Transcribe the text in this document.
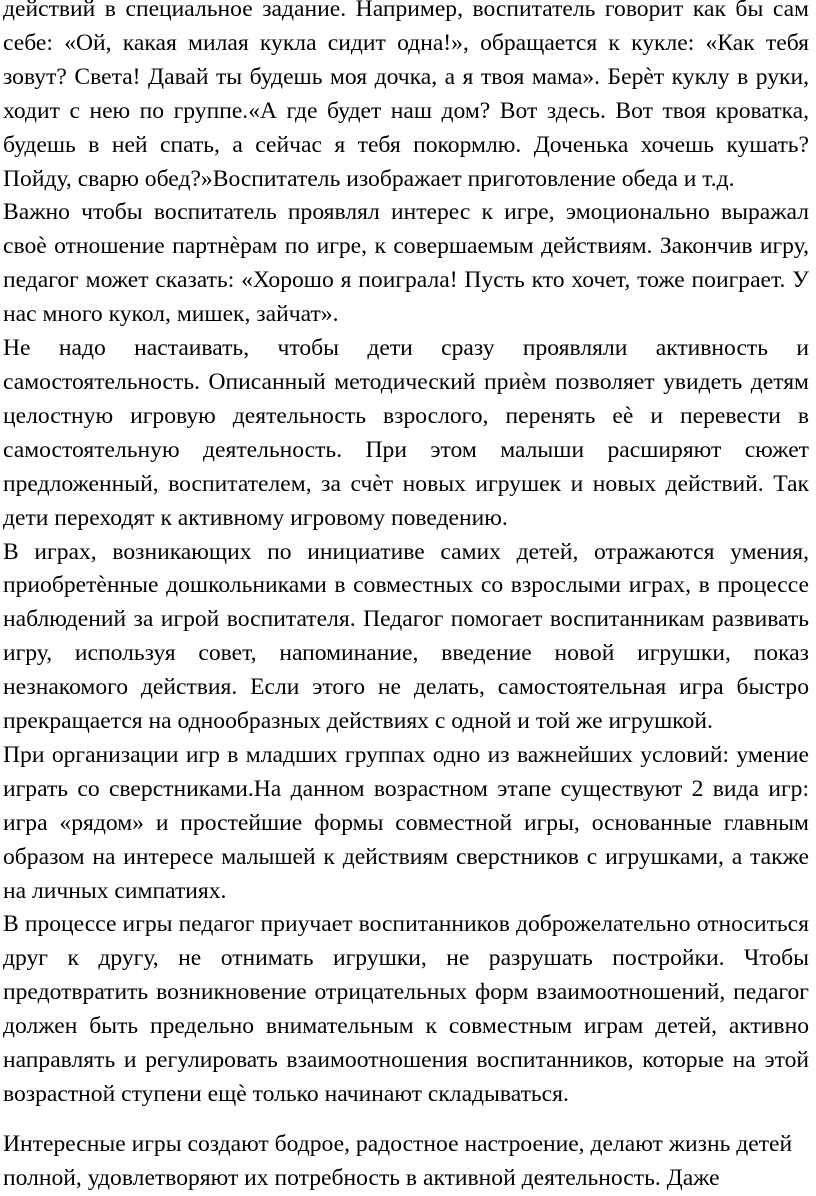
действий в специальное задание. Например, воспитатель говорит как бы сам себе: «Ой, какая милая кукла сидит одна!», обращается к кукле: «Как тебя зовут? Света! Давай ты будешь моя дочка, а я твоя мама». Берѐт куклу в руки, ходит с нею по группе.«А где будет наш дом? Вот здесь. Вот твоя кроватка, будешь в ней спать, а сейчас я тебя покормлю. Доченька хочешь кушать? Пойду, сварю обед?»Воспитатель изображает приготовление обеда и т.д.

Важно чтобы воспитатель проявлял интерес к игре, эмоционально выражал своѐ отношение партнѐрам по игре, к совершаемым действиям. Закончив игру, педагог может сказать: «Хорошо я поиграла! Пусть кто хочет, тоже поиграет. У нас много кукол, мишек, зайчат».

Не надо настаивать, чтобы дети сразу проявляли активность и самостоятельность. Описанный методический приѐм позволяет увидеть детям целостную игровую деятельность взрослого, перенять еѐ и перевести в самостоятельную деятельность. При этом малыши расширяют сюжет предложенный, воспитателем, за счѐт новых игрушек и новых действий. Так дети переходят к активному игровому поведению.

В играх, возникающих по инициативе самих детей, отражаются умения, приобретѐнные дошкольниками в совместных со взрослыми играх, в процессе наблюдений за игрой воспитателя. Педагог помогает воспитанникам развивать игру, используя совет, напоминание, введение новой игрушки, показ незнакомого действия. Если этого не делать, самостоятельная игра быстро прекращается на однообразных действиях с одной и той же игрушкой.

При организации игр в младших группах одно из важнейших условий: умение играть со сверстниками.На данном возрастном этапе существуют 2 вида игр: игра «рядом» и простейшие формы совместной игры, основанные главным образом на интересе малышей к действиям сверстников с игрушками, а также на личных симпатиях.

В процессе игры педагог приучает воспитанников доброжелательно относиться друг к другу, не отнимать игрушки, не разрушать постройки. Чтобы предотвратить возникновение отрицательных форм взаимоотношений, педагог должен быть предельно внимательным к совместным играм детей, активно направлять и регулировать взаимоотношения воспитанников, которые на этой возрастной ступени ещѐ только начинают складываться.

Интересные игры создают бодрое, радостное настроение, делают жизнь детей полной, удовлетворяют их потребность в активной деятельность. Даже
